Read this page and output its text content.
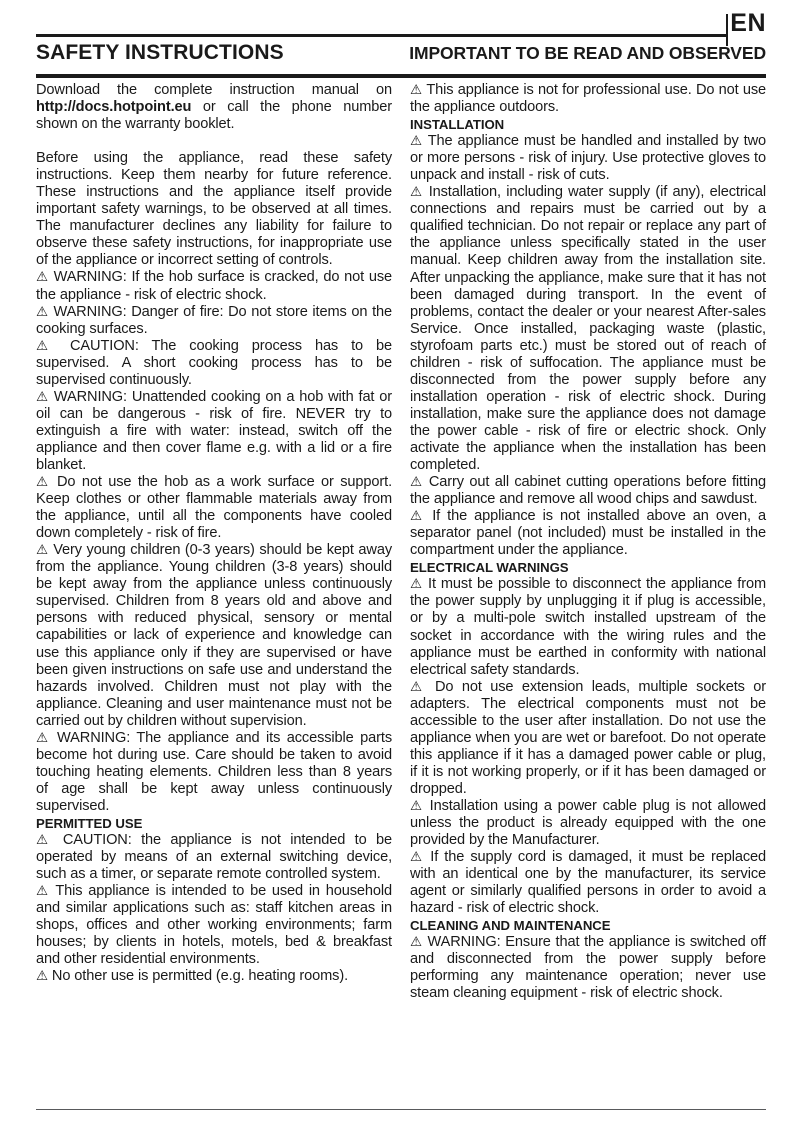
EN
SAFETY INSTRUCTIONS	IMPORTANT TO BE READ AND OBSERVED

Download the complete instruction manual on http://docs.hotpoint.eu or call the phone number shown on the warranty booklet.

Before using the appliance, read these safety instructions. Keep them nearby for future reference. These instructions and the appliance itself provide important safety warnings, to be observed at all times. The manufacturer declines any liability for failure to observe these safety instructions, for inappropriate use of the appliance or incorrect setting of controls.

⚠ WARNING: If the hob surface is cracked, do not use the appliance - risk of electric shock.

⚠ WARNING: Danger of fire: Do not store items on the cooking surfaces.

⚠ CAUTION: The cooking process has to be supervised. A short cooking process has to be supervised continuously.

⚠ WARNING: Unattended cooking on a hob with fat or oil can be dangerous - risk of fire. NEVER try to extinguish a fire with water: instead, switch off the appliance and then cover flame e.g. with a lid or a fire blanket.

⚠ Do not use the hob as a work surface or support. Keep clothes or other flammable materials away from the appliance, until all the components have cooled down completely - risk of fire.

⚠ Very young children (0-3 years) should be kept away from the appliance. Young children (3-8 years) should be kept away from the appliance unless continuously supervised. Children from 8 years old and above and persons with reduced physical, sensory or mental capabilities or lack of experience and knowledge can use this appliance only if they are supervised or have been given instructions on safe use and understand the hazards involved. Children must not play with the appliance. Cleaning and user maintenance must not be carried out by children without supervision.

⚠ WARNING: The appliance and its accessible parts become hot during use. Care should be taken to avoid touching heating elements. Children less than 8 years of age shall be kept away unless continuously supervised.

PERMITTED USE

⚠ CAUTION: the appliance is not intended to be operated by means of an external switching device, such as a timer, or separate remote controlled system.

⚠ This appliance is intended to be used in household and similar applications such as: staff kitchen areas in shops, offices and other working environments; farm houses; by clients in hotels, motels, bed & breakfast and other residential environments.

⚠ No other use is permitted (e.g. heating rooms).

⚠ This appliance is not for professional use. Do not use the appliance outdoors.

INSTALLATION

⚠ The appliance must be handled and installed by two or more persons - risk of injury. Use protective gloves to unpack and install - risk of cuts.

⚠ Installation, including water supply (if any), electrical connections and repairs must be carried out by a qualified technician. Do not repair or replace any part of the appliance unless specifically stated in the user manual. Keep children away from the installation site. After unpacking the appliance, make sure that it has not been damaged during transport. In the event of problems, contact the dealer or your nearest After-sales Service. Once installed, packaging waste (plastic, styrofoam parts etc.) must be stored out of reach of children - risk of suffocation. The appliance must be disconnected from the power supply before any installation operation - risk of electric shock. During installation, make sure the appliance does not damage the power cable - risk of fire or electric shock. Only activate the appliance when the installation has been completed.

⚠ Carry out all cabinet cutting operations before fitting the appliance and remove all wood chips and sawdust.

⚠ If the appliance is not installed above an oven, a separator panel (not included) must be installed in the compartment under the appliance.

ELECTRICAL WARNINGS

⚠ It must be possible to disconnect the appliance from the power supply by unplugging it if plug is accessible, or by a multi-pole switch installed upstream of the socket in accordance with the wiring rules and the appliance must be earthed in conformity with national electrical safety standards.

⚠ Do not use extension leads, multiple sockets or adapters. The electrical components must not be accessible to the user after installation. Do not use the appliance when you are wet or barefoot. Do not operate this appliance if it has a damaged power cable or plug, if it is not working properly, or if it has been damaged or dropped.

⚠ Installation using a power cable plug is not allowed unless the product is already equipped with the one provided by the Manufacturer.

⚠ If the supply cord is damaged, it must be replaced with an identical one by the manufacturer, its service agent or similarly qualified persons in order to avoid a hazard - risk of electric shock.

CLEANING AND MAINTENANCE

⚠ WARNING: Ensure that the appliance is switched off and disconnected from the power supply before performing any maintenance operation; never use steam cleaning equipment - risk of electric shock.
